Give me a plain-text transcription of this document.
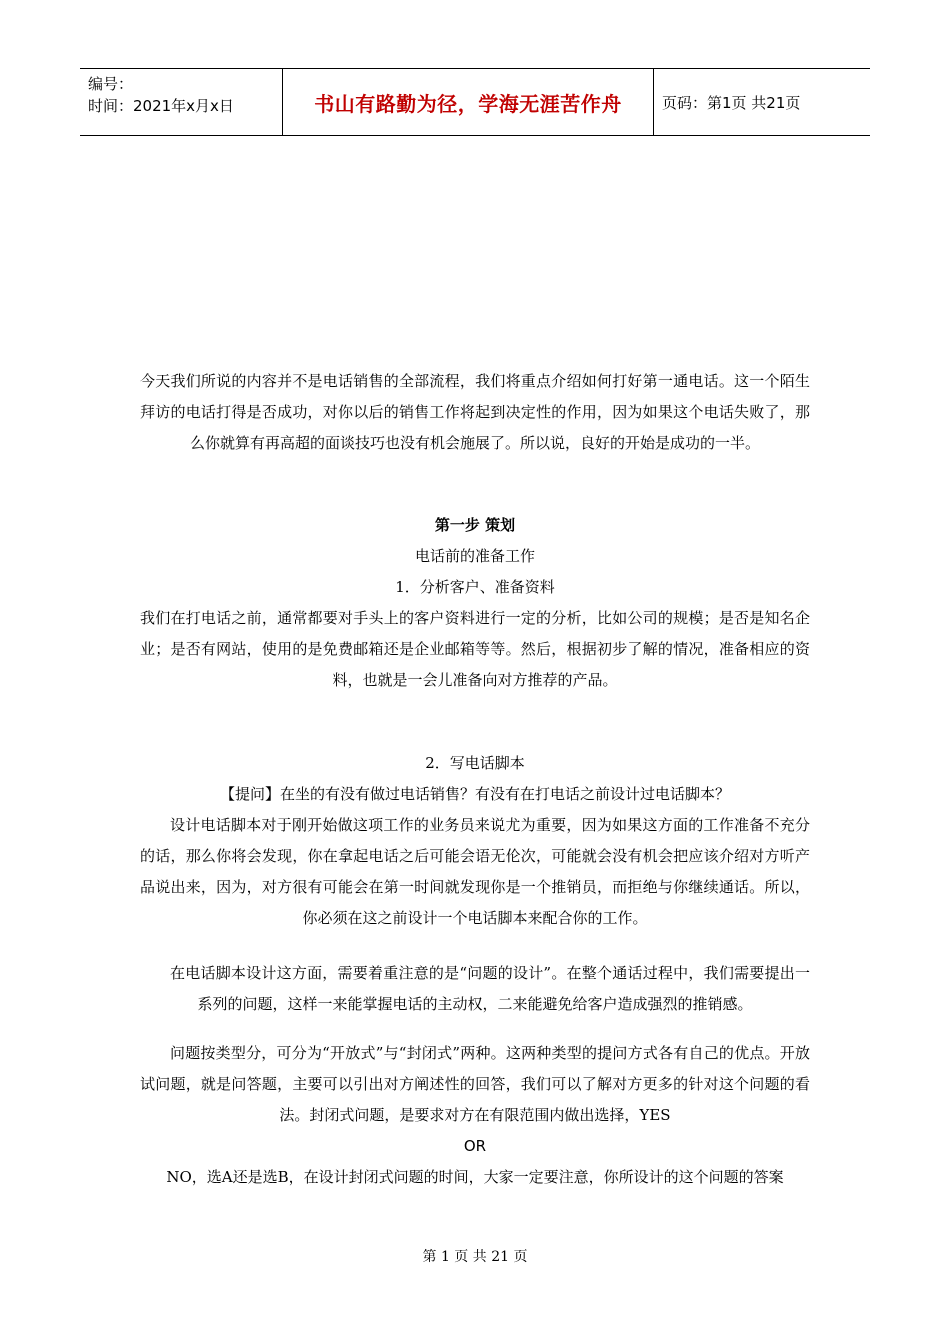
编号：
时间：2021年x月x日	书山有路勤为径，学海无涯苦作舟	页码：第1页 共21页

今天我们所说的内容并不是电话销售的全部流程，我们将重点介绍如何打好第一通电话。这一个陌生拜访的电话打得是否成功，对你以后的销售工作将起到决定性的作用，因为如果这个电话失败了，那么你就算有再高超的面谈技巧也没有机会施展了。所以说，良好的开始是成功的一半。

第一步 策划

电话前的准备工作

1．分析客户、准备资料

我们在打电话之前，通常都要对手头上的客户资料进行一定的分析，比如公司的规模；是否是知名企业；是否有网站，使用的是免费邮箱还是企业邮箱等等。然后，根据初步了解的情况，准备相应的资料，也就是一会儿准备向对方推荐的产品。

2．写电话脚本

【提问】在坐的有没有做过电话销售？有没有在打电话之前设计过电话脚本？

设计电话脚本对于刚开始做这项工作的业务员来说尤为重要，因为如果这方面的工作准备不充分的话，那么你将会发现，你在拿起电话之后可能会语无伦次，可能就会没有机会把应该介绍对方听产品说出来，因为，对方很有可能会在第一时间就发现你是一个推销员，而拒绝与你继续通话。所以，你必须在这之前设计一个电话脚本来配合你的工作。

在电话脚本设计这方面，需要着重注意的是“问题的设计”。在整个通话过程中，我们需要提出一系列的问题，这样一来能掌握电话的主动权，二来能避免给客户造成强烈的推销感。

问题按类型分，可分为“开放式”与“封闭式”两种。这两种类型的提问方式各有自己的优点。开放试问题，就是问答题，主要可以引出对方阐述性的回答，我们可以了解对方更多的针对这个问题的看法。封闭式问题，是要求对方在有限范围内做出选择，YES

OR

NO，选A还是选B，在设计封闭式问题的时间，大家一定要注意，你所设计的这个问题的答案

第 1 页 共 21 页
